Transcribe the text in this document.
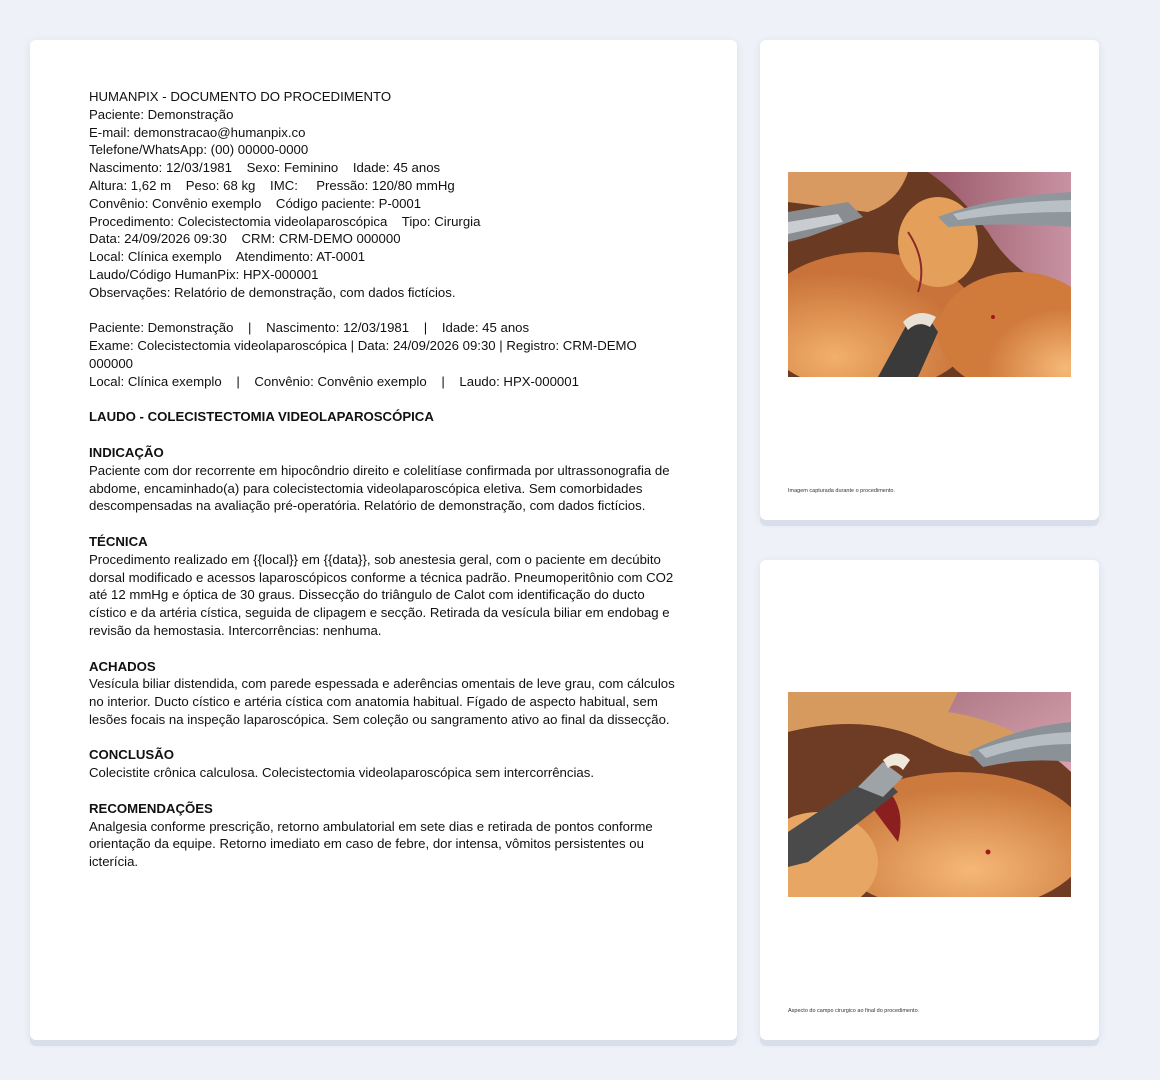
HUMANPIX - DOCUMENTO DO PROCEDIMENTO
Paciente: Demonstração
E-mail: demonstracao@humanpix.co
Telefone/WhatsApp: (00) 00000-0000
Nascimento: 12/03/1981    Sexo: Feminino    Idade: 45 anos
Altura: 1,62 m    Peso: 68 kg    IMC:     Pressão: 120/80 mmHg
Convênio: Convênio exemplo    Código paciente: P-0001
Procedimento: Colecistectomia videolaparoscópica    Tipo: Cirurgia
Data: 24/09/2026 09:30    CRM: CRM-DEMO 000000
Local: Clínica exemplo    Atendimento: AT-0001
Laudo/Código HumanPix: HPX-000001
Observações: Relatório de demonstração, com dados fictícios.
Paciente: Demonstração    |    Nascimento: 12/03/1981    |    Idade: 45 anos
Exame: Colecistectomia videolaparoscópica | Data: 24/09/2026 09:30 | Registro: CRM-DEMO 000000
Local: Clínica exemplo    |    Convênio: Convênio exemplo    |    Laudo: HPX-000001
LAUDO - COLECISTECTOMIA VIDEOLAPAROSCÓPICA
INDICAÇÃO
Paciente com dor recorrente em hipocôndrio direito e colelitíase confirmada por ultrassonografia de abdome, encaminhado(a) para colecistectomia videolaparoscópica eletiva. Sem comorbidades descompensadas na avaliação pré-operatória. Relatório de demonstração, com dados fictícios.
TÉCNICA
Procedimento realizado em {{local}} em {{data}}, sob anestesia geral, com o paciente em decúbito dorsal modificado e acessos laparoscópicos conforme a técnica padrão. Pneumoperitônio com CO2 até 12 mmHg e óptica de 30 graus. Dissecção do triângulo de Calot com identificação do ducto cístico e da artéria cística, seguida de clipagem e secção. Retirada da vesícula biliar em endobag e revisão da hemostasia. Intercorrências: nenhuma.
ACHADOS
Vesícula biliar distendida, com parede espessada e aderências omentais de leve grau, com cálculos no interior. Ducto cístico e artéria cística com anatomia habitual. Fígado de aspecto habitual, sem lesões focais na inspeção laparoscópica. Sem coleção ou sangramento ativo ao final da dissecção.
CONCLUSÃO
Colecistite crônica calculosa. Colecistectomia videolaparoscópica sem intercorrências.
RECOMENDAÇÕES
Analgesia conforme prescrição, retorno ambulatorial em sete dias e retirada de pontos conforme orientação da equipe. Retorno imediato em caso de febre, dor intensa, vômitos persistentes ou icterícia.
Imagem capturada durante o procedimento.
Aspecto do campo cirurgico ao final do procedimento.
